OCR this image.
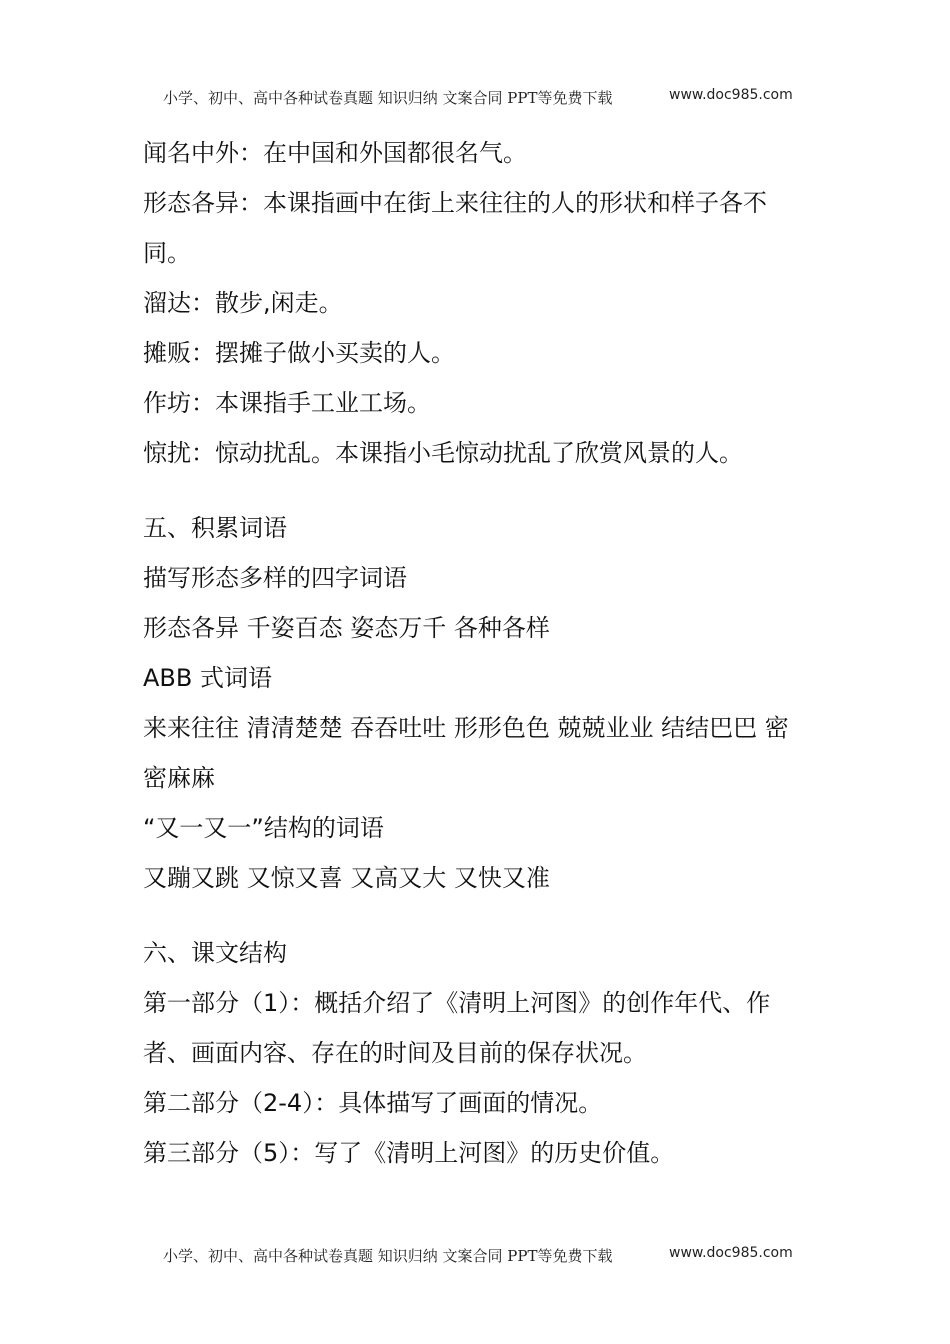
小学、初中、高中各种试卷真题 知识归纳 文案合同 PPT等免费下载	www.doc985.com
闻名中外：在中国和外国都很名气。
形态各异：本课指画中在街上来往往的人的形状和样子各不
同。
溜达：散步,闲走。
摊贩：摆摊子做小买卖的人。
作坊：本课指手工业工场。
惊扰：惊动扰乱。本课指小毛惊动扰乱了欣赏风景的人。
五、积累词语
描写形态多样的四字词语
形态各异 千姿百态 姿态万千 各种各样
ABB 式词语
来来往往 清清楚楚 吞吞吐吐 形形色色 兢兢业业 结结巴巴 密
密麻麻
“又一又一”结构的词语
又蹦又跳 又惊又喜 又高又大 又快又准
六、课文结构
第一部分（1）：概括介绍了《清明上河图》的创作年代、作
者、画面内容、存在的时间及目前的保存状况。
第二部分（2-4）：具体描写了画面的情况。
第三部分（5）：写了《清明上河图》的历史价值。
小学、初中、高中各种试卷真题 知识归纳 文案合同 PPT等免费下载	www.doc985.com
